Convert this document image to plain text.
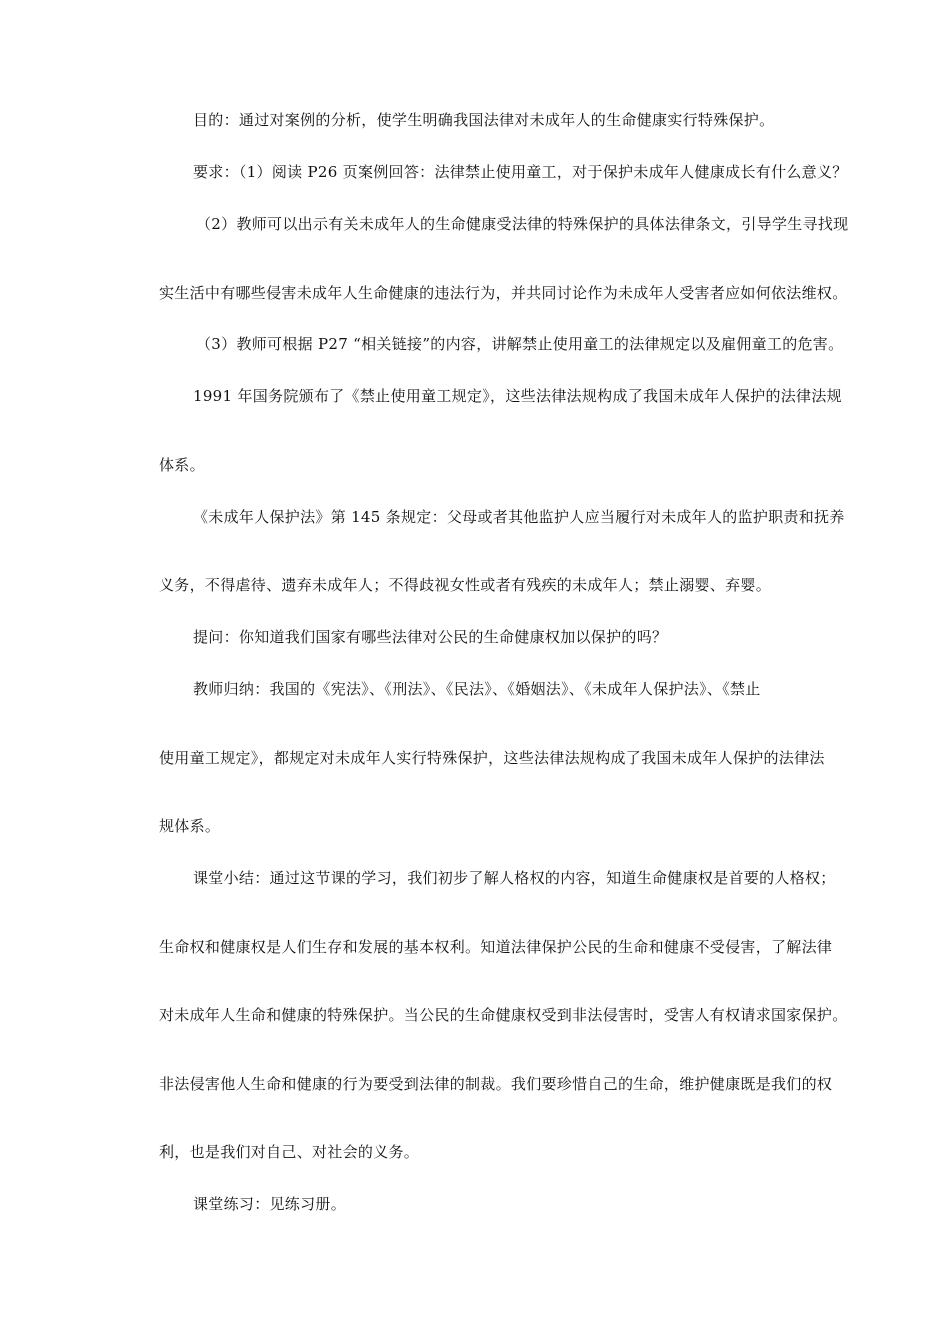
目的：通过对案例的分析，使学生明确我国法律对未成年人的生命健康实行特殊保护。
要求：（1）阅读 P26 页案例回答：法律禁止使用童工，对于保护未成年人健康成长有什么意义？
（2）教师可以出示有关未成年人的生命健康受法律的特殊保护的具体法律条文，引导学生寻找现
实生活中有哪些侵害未成年人生命健康的违法行为，并共同讨论作为未成年人受害者应如何依法维权。
（3）教师可根据 P27 “相关链接”的内容，讲解禁止使用童工的法律规定以及雇佣童工的危害。
1991 年国务院颁布了《禁止使用童工规定》，这些法律法规构成了我国未成年人保护的法律法规
体系。
《未成年人保护法》第 145 条规定：父母或者其他监护人应当履行对未成年人的监护职责和抚养
义务，不得虐待、遗弃未成年人；不得歧视女性或者有残疾的未成年人；禁止溺婴、弃婴。
提问：你知道我们国家有哪些法律对公民的生命健康权加以保护的吗？
教师归纳：我国的《宪法》、《刑法》、《民法》、《婚姻法》、《未成年人保护法》、《禁止
使用童工规定》，都规定对未成年人实行特殊保护，这些法律法规构成了我国未成年人保护的法律法
规体系。
课堂小结：通过这节课的学习，我们初步了解人格权的内容，知道生命健康权是首要的人格权；
生命权和健康权是人们生存和发展的基本权利。知道法律保护公民的生命和健康不受侵害，了解法律
对未成年人生命和健康的特殊保护。当公民的生命健康权受到非法侵害时，受害人有权请求国家保护。
非法侵害他人生命和健康的行为要受到法律的制裁。我们要珍惜自己的生命，维护健康既是我们的权
利，也是我们对自己、对社会的义务。
课堂练习：见练习册。
